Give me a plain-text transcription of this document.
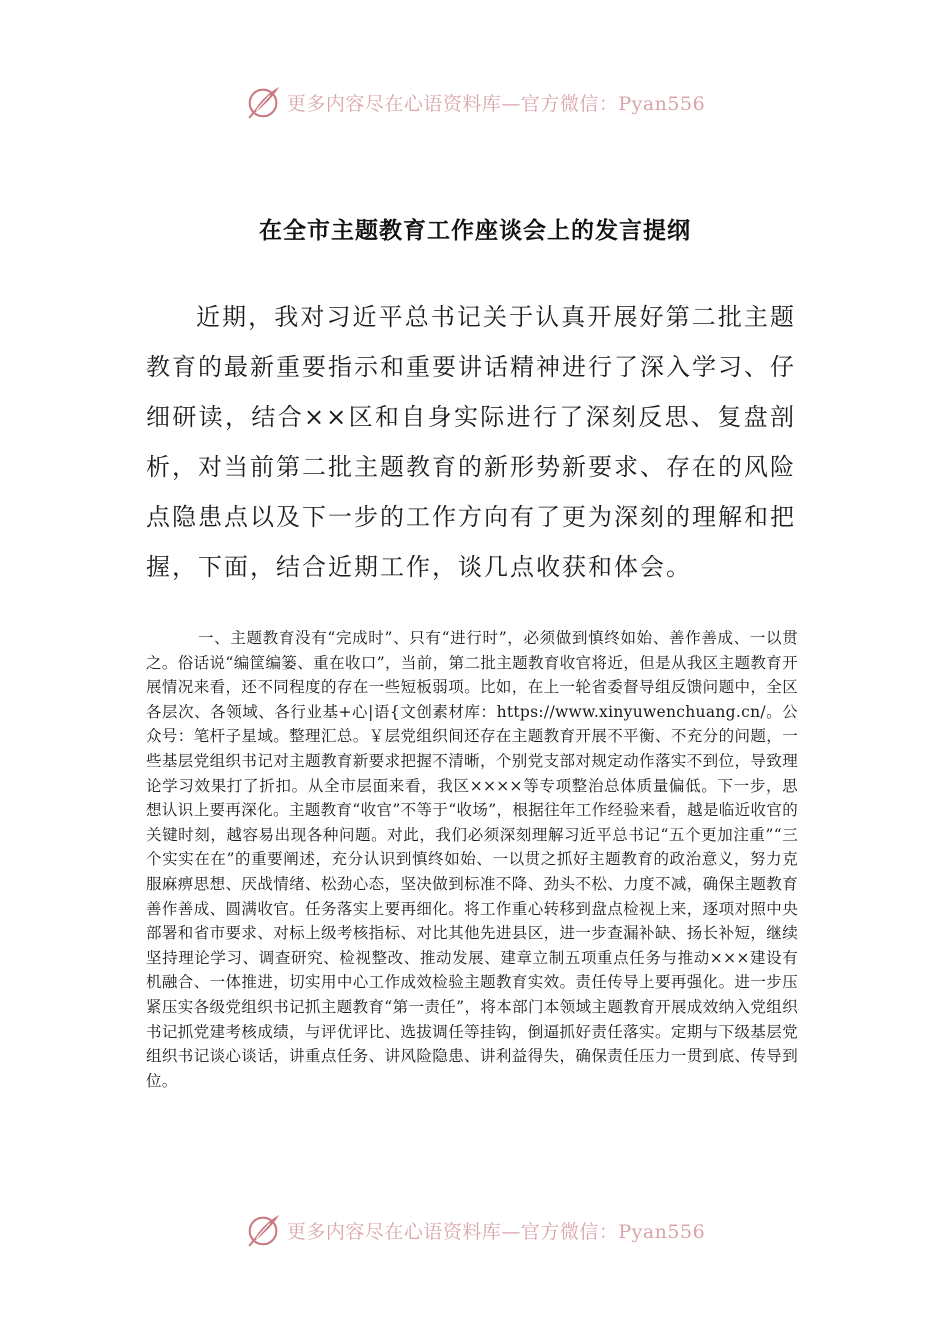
更多内容尽在心语资料库—官方微信：Pyan556
在全市主题教育工作座谈会上的发言提纲

近期，我对习近平总书记关于认真开展好第二批主题教育的最新重要指示和重要讲话精神进行了深入学习、仔细研读，结合××区和自身实际进行了深刻反思、复盘剖析，对当前第二批主题教育的新形势新要求、存在的风险点隐患点以及下一步的工作方向有了更为深刻的理解和把握，下面，结合近期工作，谈几点收获和体会。

一、主题教育没有“完成时”、只有“进行时”，必须做到慎终如始、善作善成、一以贯之。俗话说“编筐编篓、重在收口”，当前，第二批主题教育收官将近，但是从我区主题教育开展情况来看，还不同程度的存在一些短板弱项。比如，在上一轮省委督导组反馈问题中，全区各层次、各领域、各行业基+心|语{文创素材库：https://www.xinyuwenchuang.cn/。公众号：笔杆子星域。整理汇总。￥层党组织间还存在主题教育开展不平衡、不充分的问题，一些基层党组织书记对主题教育新要求把握不清晰，个别党支部对规定动作落实不到位，导致理论学习效果打了折扣。从全市层面来看，我区××××等专项整治总体质量偏低。下一步，思想认识上要再深化。主题教育“收官”不等于“收场”，根据往年工作经验来看，越是临近收官的关键时刻，越容易出现各种问题。对此，我们必须深刻理解习近平总书记“五个更加注重”“三个实实在在”的重要阐述，充分认识到慎终如始、一以贯之抓好主题教育的政治意义，努力克服麻痹思想、厌战情绪、松劲心态，坚决做到标准不降、劲头不松、力度不减，确保主题教育善作善成、圆满收官。任务落实上要再细化。将工作重心转移到盘点检视上来，逐项对照中央部署和省市要求、对标上级考核指标、对比其他先进县区，进一步查漏补缺、扬长补短，继续坚持理论学习、调查研究、检视整改、推动发展、建章立制五项重点任务与推动×××建设有机融合、一体推进，切实用中心工作成效检验主题教育实效。责任传导上要再强化。进一步压紧压实各级党组织书记抓主题教育“第一责任”，将本部门本领域主题教育开展成效纳入党组织书记抓党建考核成绩，与评优评比、选拔调任等挂钩，倒逼抓好责任落实。定期与下级基层党组织书记谈心谈话，讲重点任务、讲风险隐患、讲利益得失，确保责任压力一贯到底、传导到位。

更多内容尽在心语资料库—官方微信：Pyan556
